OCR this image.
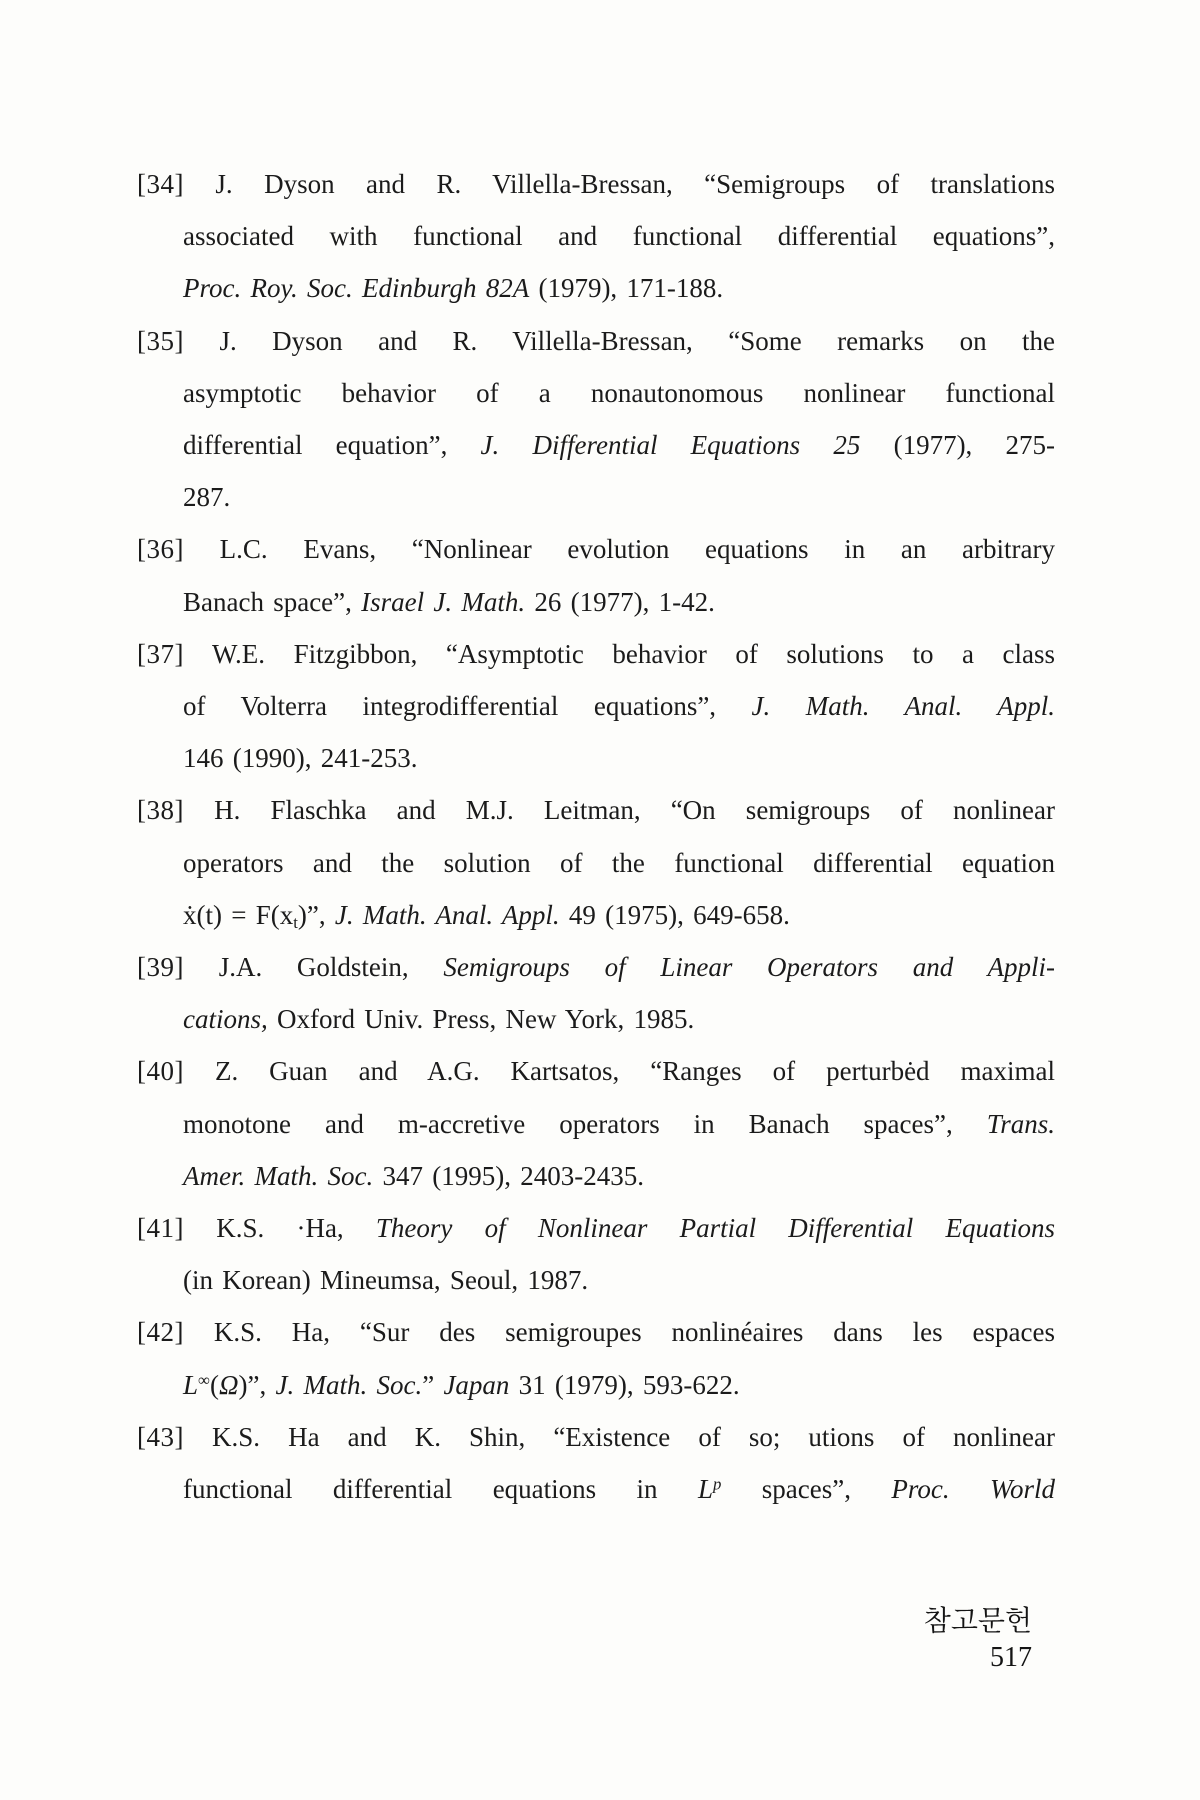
[34] J. Dyson and R. Villella-Bressan, “Semigroups of translations
associated with functional and functional differential equations”,
Proc. Roy. Soc. Edinburgh 82A (1979), 171-188.
[35] J. Dyson and R. Villella-Bressan, “Some remarks on the
asymptotic behavior of a nonautonomous nonlinear functional
differential equation”, J. Differential Equations 25 (1977), 275-
287.
[36] L.C. Evans, “Nonlinear evolution equations in an arbitrary
Banach space”, Israel J. Math. 26 (1977), 1-42.
[37] W.E. Fitzgibbon, “Asymptotic behavior of solutions to a class
of Volterra integrodifferential equations”, J. Math. Anal. Appl.
146 (1990), 241-253.
[38] H. Flaschka and M.J. Leitman, “On semigroups of nonlinear
operators and the solution of the functional differential equation
ẋ(t) = $F(x_t)$”, J. Math. Anal. Appl. 49 (1975), 649-658.
[39] J.A. Goldstein, Semigroups of Linear Operators and Appli-
cations, Oxford Univ. Press, New York, 1985.
[40] Z. Guan and A.G. Kartsatos, “Ranges of perturbėd maximal
monotone and m-accretive operators in Banach spaces”, Trans.
Amer. Math. Soc. 347 (1995), 2403-2435.
[41] K.S. ·Ha, Theory of Nonlinear Partial Differential Equations
(in Korean) Mineumsa, Seoul, 1987.
[42] K.S. Ha, “Sur des semigroupes nonlinéaires dans les espaces
L∞(Ω)”, J. Math. Soc.” Japan 31 (1979), 593-622.
[43] K.S. Ha and K. Shin, “Existence of so; utions of nonlinear
functional differential equations in $L^p$ spaces”, Proc. World
참고문헌 517
